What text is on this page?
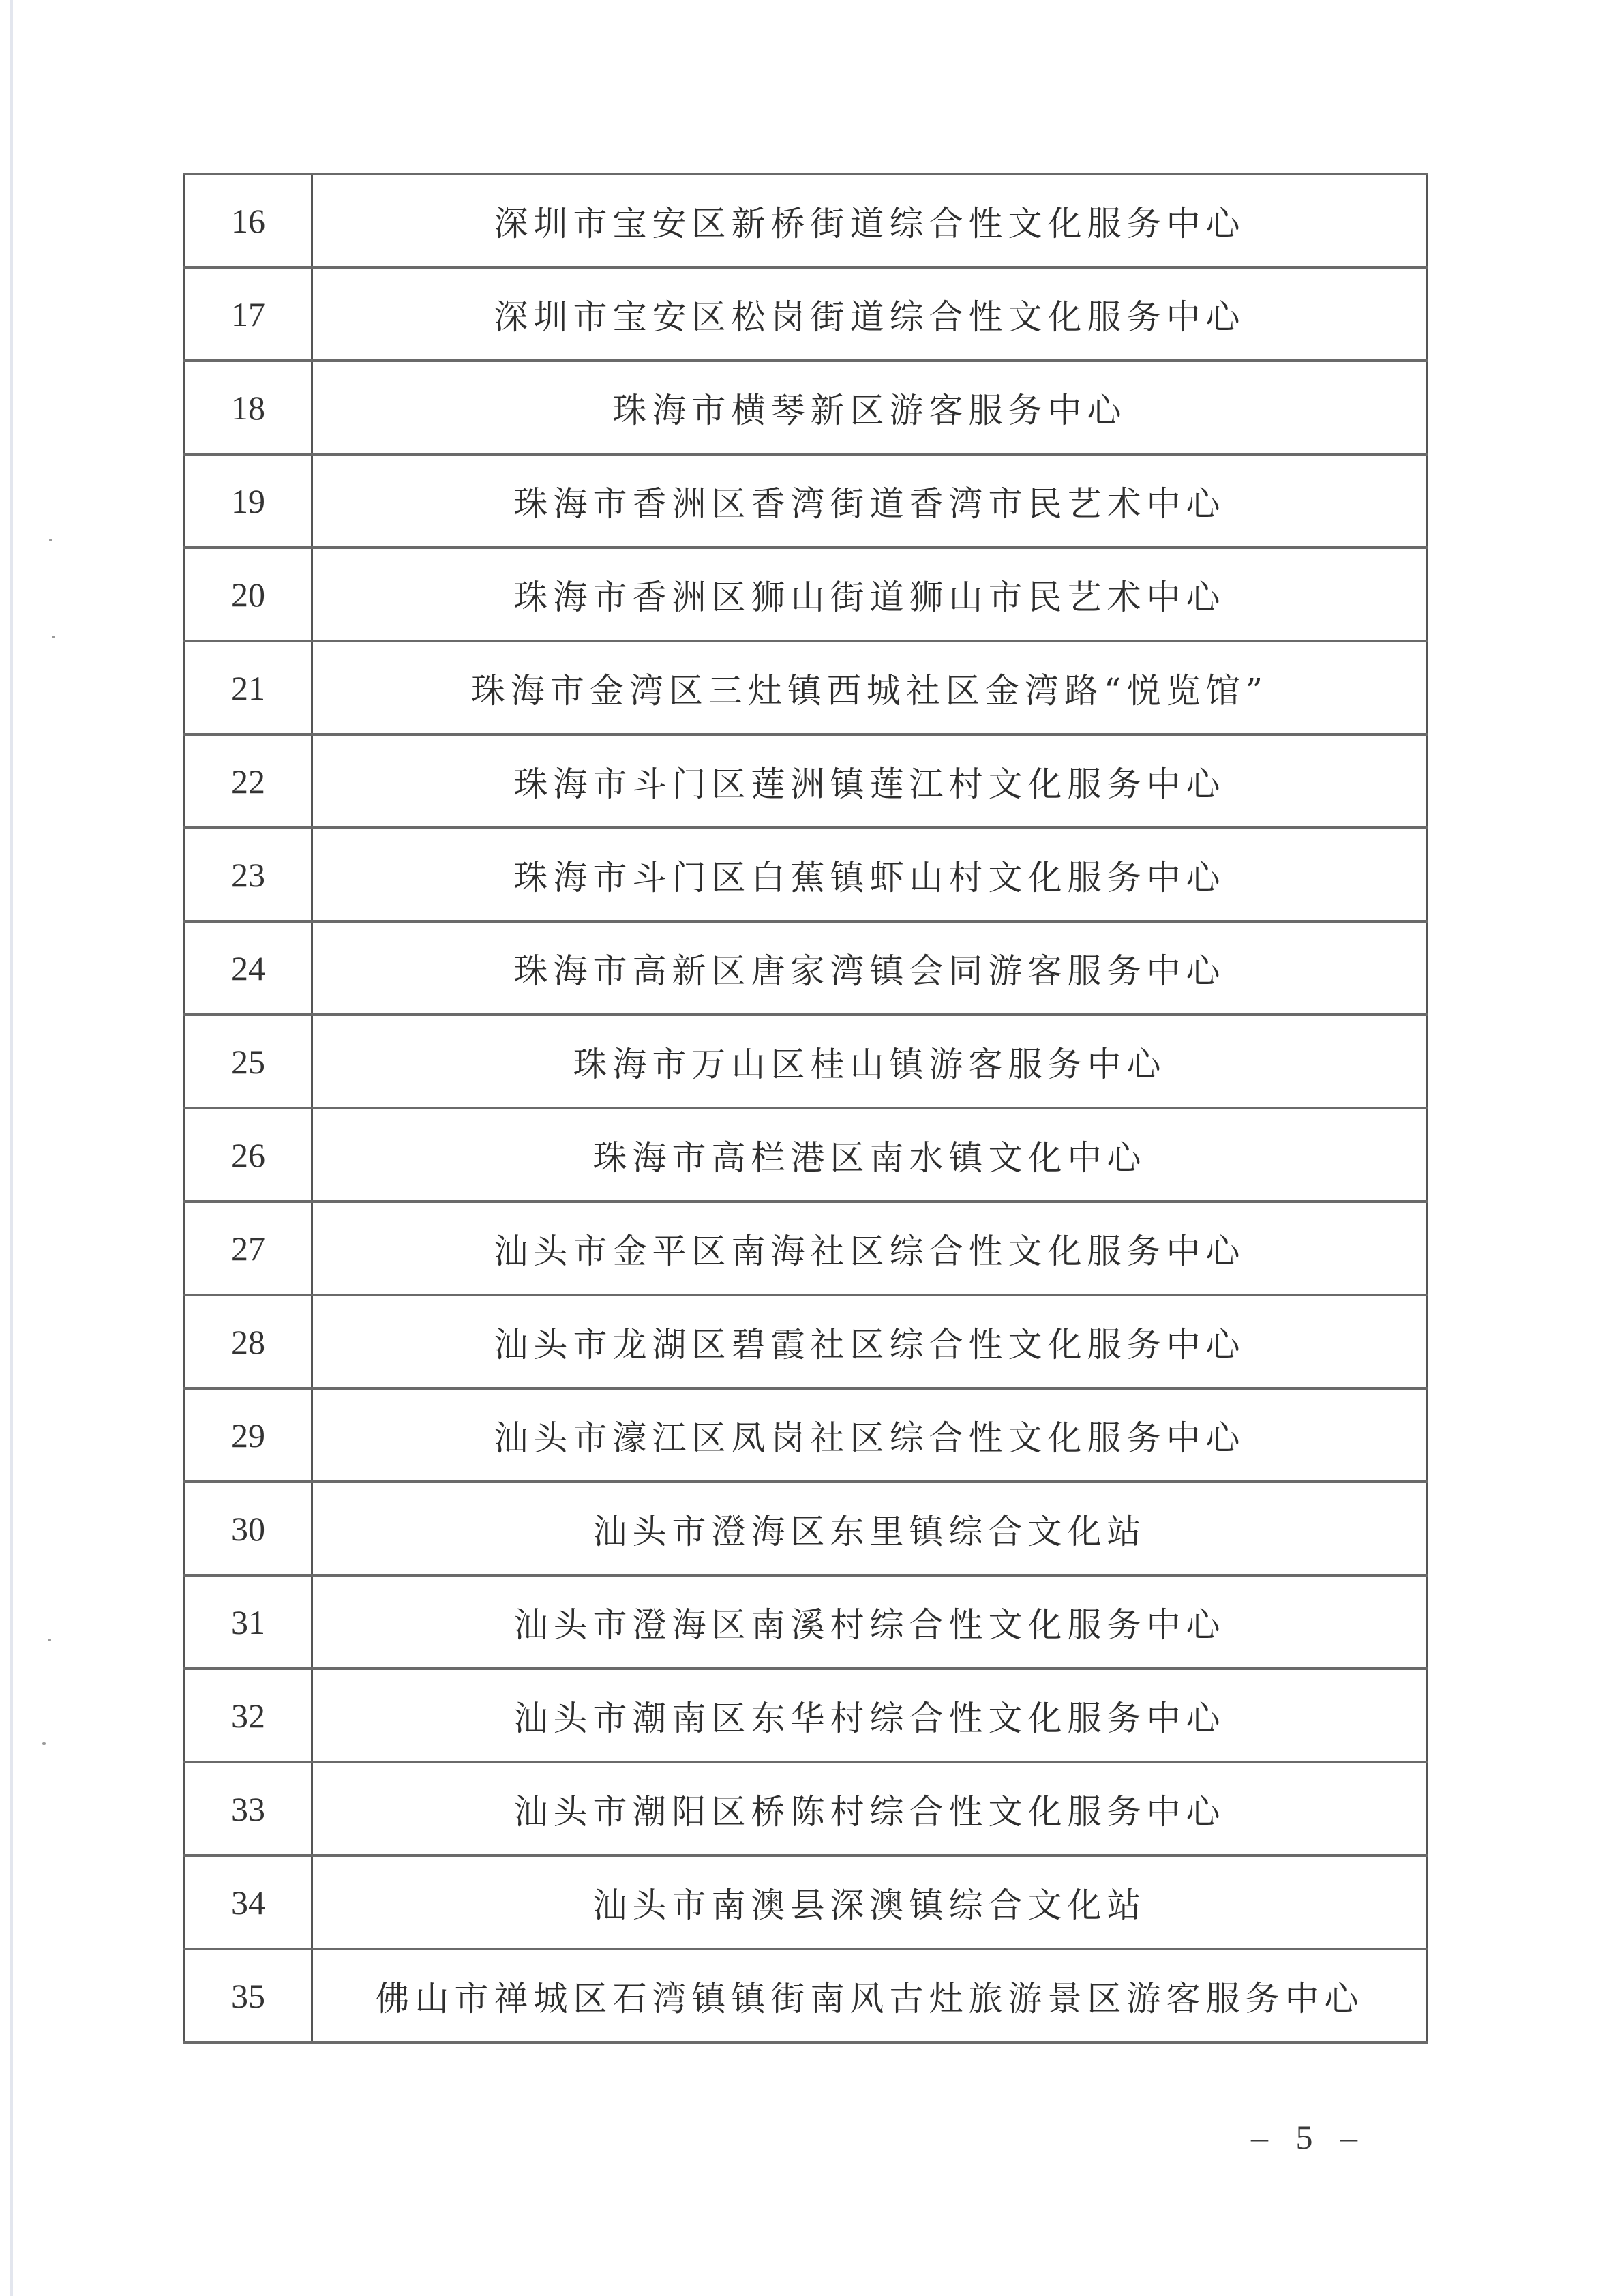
16	深圳市宝安区新桥街道综合性文化服务中心
17	深圳市宝安区松岗街道综合性文化服务中心
18	珠海市横琴新区游客服务中心
19	珠海市香洲区香湾街道香湾市民艺术中心
20	珠海市香洲区狮山街道狮山市民艺术中心
21	珠海市金湾区三灶镇西城社区金湾路“悦览馆”
22	珠海市斗门区莲洲镇莲江村文化服务中心
23	珠海市斗门区白蕉镇虾山村文化服务中心
24	珠海市高新区唐家湾镇会同游客服务中心
25	珠海市万山区桂山镇游客服务中心
26	珠海市高栏港区南水镇文化中心
27	汕头市金平区南海社区综合性文化服务中心
28	汕头市龙湖区碧霞社区综合性文化服务中心
29	汕头市濠江区凤岗社区综合性文化服务中心
30	汕头市澄海区东里镇综合文化站
31	汕头市澄海区南溪村综合性文化服务中心
32	汕头市潮南区东华村综合性文化服务中心
33	汕头市潮阳区桥陈村综合性文化服务中心
34	汕头市南澳县深澳镇综合文化站
35	佛山市禅城区石湾镇镇街南风古灶旅游景区游客服务中心
– 5 –
